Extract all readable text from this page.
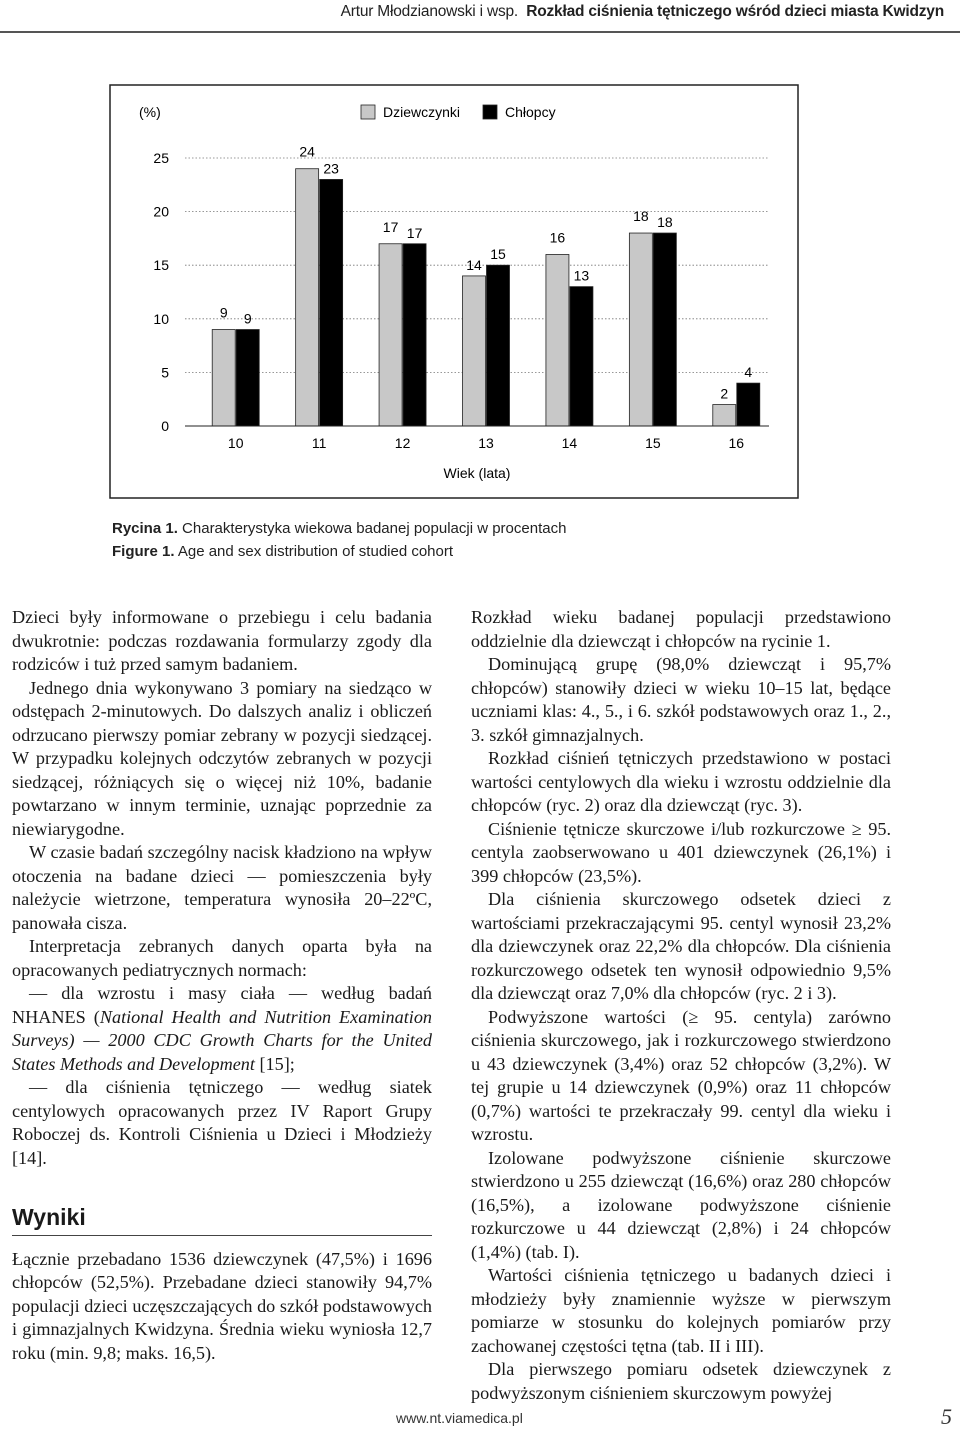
Artur Młodzianowski i wsp. Rozkład ciśnienia tętniczego wśród dzieci miasta Kwidzyn
0
5
10
15
20
25
9 9
10
24
23
11
17 17
12
14
15
13
16
13
14
18 18
15
2
4
16
(%)	Dziewczynki	Chłopcy
Wiek (lata)
Rycina 1. Charakterystyka wiekowa badanej populacji w procentach
Figure 1. Age and sex distribution of studied cohort

Dzieci były informowane o przebiegu i celu badania dwukrotnie: podczas rozdawania formularzy zgody dla rodziców i tuż przed samym badaniem.

Jednego dnia wykonywano 3 pomiary na siedząco w odstępach 2-minutowych. Do dalszych analiz i obliczeń odrzucano pierwszy pomiar zebrany w pozycji siedzącej. W przypadku kolejnych odczytów zebranych w pozycji siedzącej, różniących się o więcej niż 10%, badanie powtarzano w innym terminie, uznając poprzednie za niewiarygodne.

W czasie badań szczególny nacisk kładziono na wpływ otoczenia na badane dzieci — pomieszczenia były należycie wietrzone, temperatura wynosiła 20–22ºC, panowała cisza.

Interpretacja zebranych danych oparta była na opracowanych pediatrycznych normach:

— dla wzrostu i masy ciała — według badań NHANES (National Health and Nutrition Examination Surveys) — 2000 CDC Growth Charts for the United States Methods and Development [15];

— dla ciśnienia tętniczego — według siatek centylowych opracowanych przez IV Raport Grupy Roboczej ds. Kontroli Ciśnienia u Dzieci i Młodzieży [14].

Wyniki

Łącznie przebadano 1536 dziewczynek (47,5%) i 1696 chłopców (52,5%). Przebadane dzieci stanowiły 94,7% populacji dzieci uczęszczających do szkół podstawowych i gimnazjalnych Kwidzyna. Średnia wieku wyniosła 12,7 roku (min. 9,8; maks. 16,5).

Rozkład wieku badanej populacji przedstawiono oddzielnie dla dziewcząt i chłopców na rycinie 1.

Dominującą grupę (98,0% dziewcząt i 95,7% chłopców) stanowiły dzieci w wieku 10–15 lat, będące uczniami klas: 4., 5., i 6. szkół podstawowych oraz 1., 2., 3. szkół gimnazjalnych.

Rozkład ciśnień tętniczych przedstawiono w postaci wartości centylowych dla wieku i wzrostu oddzielnie dla chłopców (ryc. 2) oraz dla dziewcząt (ryc. 3).

Ciśnienie tętnicze skurczowe i/lub rozkurczowe ≥ 95. centyla zaobserwowano u 401 dziewczynek (26,1%) i 399 chłopców (23,5%).

Dla ciśnienia skurczowego odsetek dzieci z wartościami przekraczającymi 95. centyl wynosił 23,2% dla dziewczynek oraz 22,2% dla chłopców. Dla ciśnienia rozkurczowego odsetek ten wynosił odpowiednio 9,5% dla dziewcząt oraz 7,0% dla chłopców (ryc. 2 i 3).

Podwyższone wartości (≥ 95. centyla) zarówno ciśnienia skurczowego, jak i rozkurczowego stwierdzono u 43 dziewczynek (3,4%) oraz 52 chłopców (3,2%). W tej grupie u 14 dziewczynek (0,9%) oraz 11 chłopców (0,7%) wartości te przekraczały 99. centyl dla wieku i wzrostu.

Izolowane podwyższone ciśnienie skurczowe stwierdzono u 255 dziewcząt (16,6%) oraz 280 chłopców (16,5%), a izolowane podwyższone ciśnienie rozkurczowe u 44 dziewcząt (2,8%) i 24 chłopców (1,4%) (tab. I).

Wartości ciśnienia tętniczego u badanych dzieci i młodzieży były znamiennie wyższe w pierwszym pomiarze w stosunku do kolejnych pomiarów przy zachowanej częstości tętna (tab. II i III).

Dla pierwszego pomiaru odsetek dziewczynek z podwyższonym ciśnieniem skurczowym powyżej

www.nt.viamedica.pl	5
